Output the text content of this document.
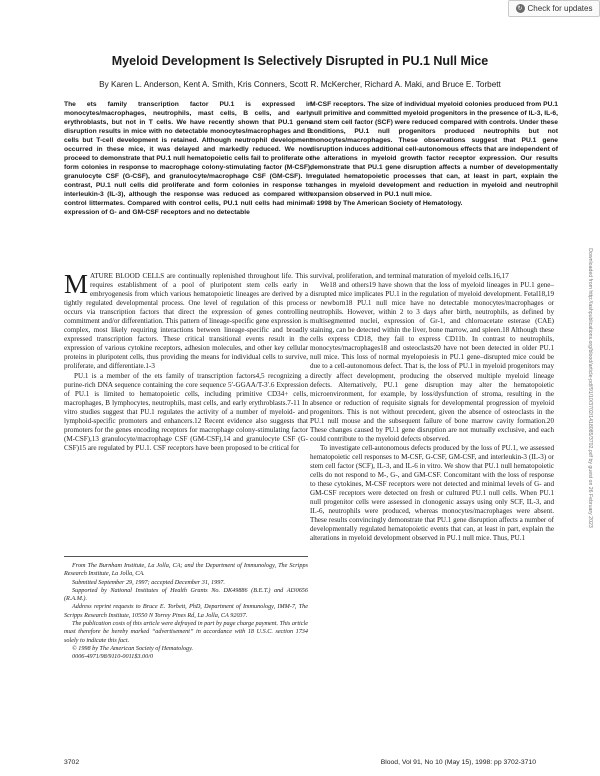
↻ Check for updates
Myeloid Development Is Selectively Disrupted in PU.1 Null Mice

By Karen L. Anderson, Kent A. Smith, Kris Conners, Scott R. McKercher, Richard A. Maki, and Bruce E. Torbett

The ets family transcription factor PU.1 is expressed in monocytes/macrophages, neutrophils, mast cells, B cells, and early erythroblasts, but not in T cells. We have recently shown that PU.1 gene disruption results in mice with no detectable monocytes/macrophages and B cells but T-cell development is retained. Although neutrophil development occurred in these mice, it was delayed and markedly reduced. We now proceed to demonstrate that PU.1 null hematopoietic cells fail to proliferate or form colonies in response to macrophage colony-stimulating factor (M-CSF), granulocyte CSF (G-CSF), and granulocyte/macrophage CSF (GM-CSF). In contrast, PU.1 null cells did proliferate and form colonies in response to interleukin-3 (IL-3), although the response was reduced as compared with control littermates. Compared with control cells, PU.1 null cells had minimal expression of G- and GM-CSF receptors and no detectable

M-CSF receptors. The size of individual myeloid colonies produced from PU.1 null primitive and committed myeloid progenitors in the presence of IL-3, IL-6, and stem cell factor (SCF) were reduced compared with controls. Under these conditions, PU.1 null progenitors produced neutrophils but not monocytes/macrophages. These observations suggest that PU.1 gene disruption induces additional cell-autonomous effects that are independent of the alterations in myeloid growth factor receptor expression. Our results demonstrate that PU.1 gene disruption affects a number of developmentally regulated hematopoietic processes that can, at least in part, explain the changes in myeloid development and reduction in myeloid and neutrophil expansion observed in PU.1 null mice.
© 1998 by The American Society of Hematology.

MATURE BLOOD CELLS are continually replenished throughout life. This requires establishment of a pool of pluripotent stem cells early in embryogenesis from which various hematopoietic lineages are derived by a tightly regulated developmental process. One level of regulation of this process occurs via transcription factors that direct the expression of genes controlling commitment and/or differentiation. This pattern of lineage-specific gene expression is complex, most likely requiring interactions between lineage-specific and broadly expressed transcription factors. These critical transitional events result in the expression of various cytokine receptors, adhesion molecules, and other key cellular proteins in pluripotent cells, thus providing the means for individual cells to survive, proliferate, and differentiate.1-3

PU.1 is a member of the ets family of transcription factors4,5 recognizing a purine-rich DNA sequence containing the core sequence 5′-GGAA/T-3′.6 Expression of PU.1 is limited to hematopoietic cells, including primitive CD34+ cells, macrophages, B lymphocytes, neutrophils, mast cells, and early erythroblasts.7-11 In vitro studies suggest that PU.1 regulates the activity of a number of myeloid- and lymphoid-specific promoters and enhancers.12 Recent evidence also suggests that promoters for the genes encoding receptors for macrophage colony-stimulating factor (M-CSF),13 granulocyte/macrophage CSF (GM-CSF),14 and granulocyte CSF (G-CSF)15 are regulated by PU.1. CSF receptors have been proposed to be critical for

survival, proliferation, and terminal maturation of myeloid cells.16,17

We18 and others19 have shown that the loss of myeloid lineages in PU.1 gene–disrupted mice implicates PU.1 in the regulation of myeloid development. Fetal18,19 or newborn18 PU.1 null mice have no detectable monocytes/macrophages or neutrophils. However, within 2 to 3 days after birth, neutrophils, as defined by multisegmented nuclei, expression of Gr-1, and chloroacetate esterase (CAE) staining, can be detected within the liver, bone marrow, and spleen.18 Although these cells express CD18, they fail to express CD11b. In contrast to neutrophils, monocytes/macrophages18 and osteoclasts20 have not been detected in older PU.1 null mice. This loss of normal myelopoiesis in PU.1 gene–disrupted mice could be due to a cell-autonomous defect. That is, the loss of PU.1 in myeloid progenitors may directly affect development, producing the observed multiple myeloid lineage defects. Alternatively, PU.1 gene disruption may alter the hematopoietic microenvironment, for example, by loss/dysfunction of stroma, resulting in the absence or reduction of requisite signals for developmental progression of myeloid progenitors. This is not without precedent, given the absence of osteoclasts in the PU.1 null mouse and the subsequent failure of bone marrow cavity formation.20 These changes caused by PU.1 gene disruption are not mutually exclusive, and each could contribute to the myeloid defects observed.

To investigate cell-autonomous defects produced by the loss of PU.1, we assessed hematopoietic cell responses to M-CSF, G-CSF, GM-CSF, and interleukin-3 (IL-3) or stem cell factor (SCF), IL-3, and IL-6 in vitro. We show that PU.1 null hematopoietic cells do not respond to M-, G-, and GM-CSF. Concomitant with the loss of response to these cytokines, M-CSF receptors were not detected and minimal levels of G- and GM-CSF receptors were detected on fresh or cultured PU.1 null cells. When PU.1 null progenitor cells were assessed in clonogenic assays using only SCF, IL-3, and IL-6, neutrophils were produced, whereas monocytes/macrophages were absent. These results convincingly demonstrate that PU.1 gene disruption affects a number of developmentally regulated hematopoietic events that can, at least in part, explain the alterations in myeloid development observed in PU.1 null mice. Thus, PU.1

From The Burnham Institute, La Jolla, CA; and the Department of Immunology, The Scripps Research Institute, La Jolla, CA.

Submitted September 29, 1997; accepted December 31, 1997.

Supported by National Institutes of Health Grants No. DK49886 (B.E.T.) and AI30656 (R.A.M.).

Address reprint requests to Bruce E. Torbett, PhD, Department of Immunology, IMM-7, The Scripps Research Institute, 10550 N Torrey Pines Rd, La Jolla, CA 92037.

The publication costs of this article were defrayed in part by page charge payment. This article must therefore be hereby marked “advertisement” in accordance with 18 U.S.C. section 1734 solely to indicate this fact.

© 1998 by The American Society of Hematology.

0006-4971/98/9110-0011$3.00/0

3702	Blood, Vol 91, No 10 (May 15), 1998: pp 3702-3710

Downloaded from http://ashpublications.org/blood/article-pdf/91/10/3702/1418085/3702.pdf by guest on 26 February 2023
